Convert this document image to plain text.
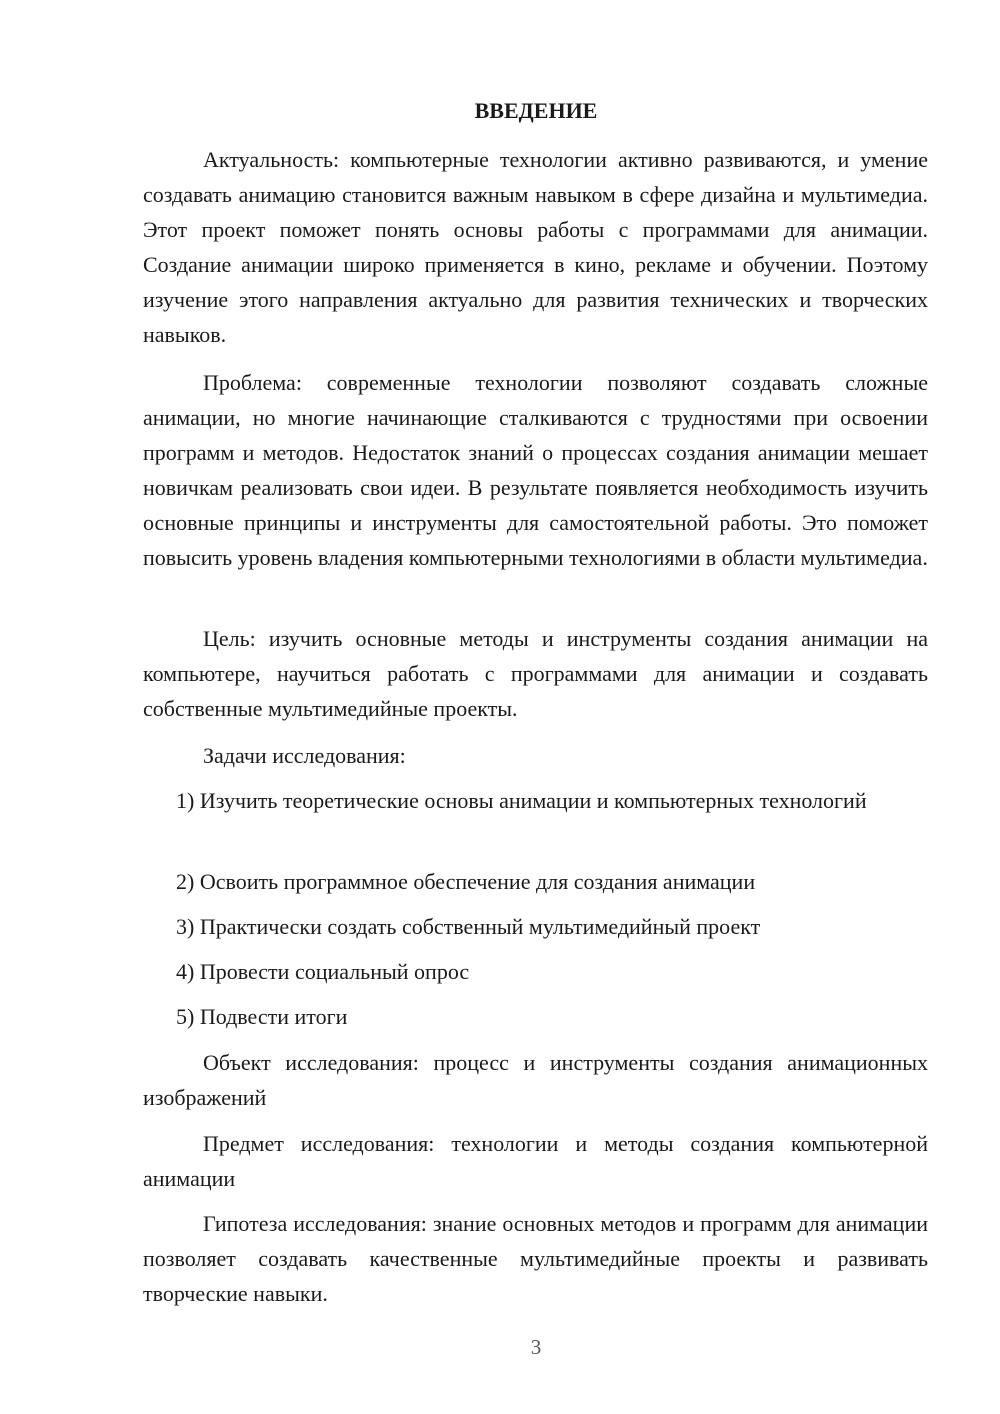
ВВЕДЕНИЕ
Актуальность: компьютерные технологии активно развиваются, и умение создавать анимацию становится важным навыком в сфере дизайна и мультимедиа. Этот проект поможет понять основы работы с программами для анимации. Создание анимации широко применяется в кино, рекламе и обучении. Поэтому изучение этого направления актуально для развития технических и творческих навыков.
Проблема: современные технологии позволяют создавать сложные анимации, но многие начинающие сталкиваются с трудностями при освоении программ и методов. Недостаток знаний о процессах создания анимации мешает новичкам реализовать свои идеи. В результате появляется необходимость изучить основные принципы и инструменты для самостоятельной работы. Это поможет повысить уровень владения компьютерными технологиями в области мультимедиа.
Цель: изучить основные методы и инструменты создания анимации на компьютере, научиться работать с программами для анимации и создавать собственные мультимедийные проекты.
Задачи исследования:
1) Изучить теоретические основы анимации и компьютерных технологий
2) Освоить программное обеспечение для создания анимации
3) Практически создать собственный мультимедийный проект
4) Провести социальный опрос
5) Подвести итоги
Объект исследования: процесс и инструменты создания анимационных изображений
Предмет исследования: технологии и методы создания компьютерной анимации
Гипотеза исследования: знание основных методов и программ для анимации позволяет создавать качественные мультимедийные проекты и развивать творческие навыки.
3
